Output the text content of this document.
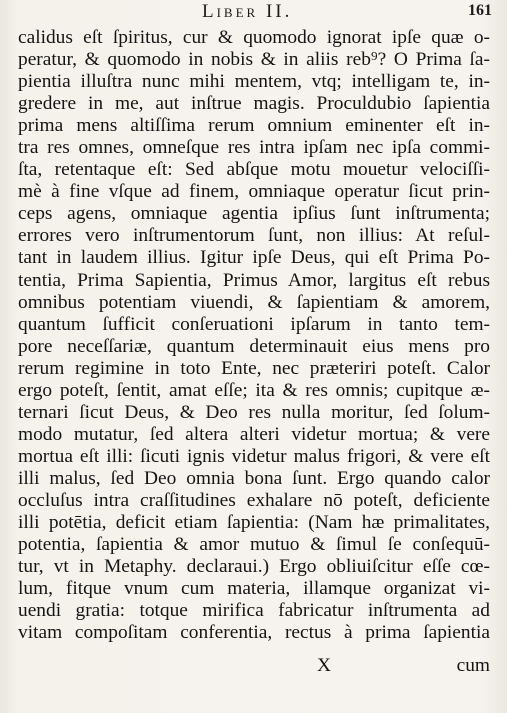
Liber II.	161
calidus eſt ſpiritus, cur & quomodo ignorat ipſe quæ o-
peratur, & quomodo in nobis & in aliis reb⁹? O Prima ſa-
pientia illuſtra nunc mihi mentem, vtq; intelligam te, in-
gredere in me, aut inſtrue magis. Proculdubio ſapientia
prima mens altiſſima rerum omnium eminenter eſt in-
tra res omnes, omneſque res intra ipſam nec ipſa commi-
ſta, retentaque eſt: Sed abſque motu mouetur velociſſi-
mè à fine vſque ad finem, omniaque operatur ſicut prin-
ceps agens, omniaque agentia ipſius ſunt inſtrumenta;
errores vero inſtrumentorum ſunt, non illius: At reſul-
tant in laudem illius. Igitur ipſe Deus, qui eſt Prima Po-
tentia, Prima Sapientia, Primus Amor, largitus eſt rebus
omnibus potentiam viuendi, & ſapientiam & amorem,
quantum ſufficit conſeruationi ipſarum in tanto tem-
pore neceſſariæ, quantum determinauit eius mens pro
rerum regimine in toto Ente, nec præteriri poteſt. Calor
ergo poteſt, ſentit, amat eſſe; ita & res omnis; cupitque æ-
ternari ſicut Deus, & Deo res nulla moritur, ſed ſolum-
modo mutatur, ſed altera alteri videtur mortua; & vere
mortua eſt illi: ſicuti ignis videtur malus frigori, & vere eſt
illi malus, ſed Deo omnia bona ſunt. Ergo quando calor
occluſus intra craſſitudines exhalare nō poteſt, deficiente
illi potētia, deficit etiam ſapientia: (Nam hæ primalitates,
potentia, ſapientia & amor mutuo & ſimul ſe conſequū-
tur, vt in Metaphy. declaraui.) Ergo obliuiſcitur eſſe cœ-
lum, fitque vnum cum materia, illamque organizat vi-
uendi gratia: totque mirifica fabricatur inſtrumenta ad
vitam compoſitam conferentia, rectus à prima ſapientia
X	cum
